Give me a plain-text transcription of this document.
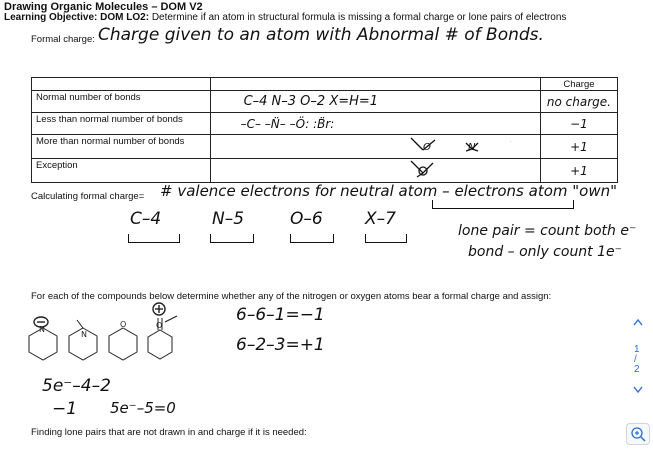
Drawing Organic Molecules – DOM V2
Learning Objective: DOM LO2: Determine if an atom in structural formula is missing a formal charge or lone pairs of electrons
Formal charge: Charge given to an atom with Abnormal # of Bonds.
		Charge
Normal number of bonds	C–4 N–3 O–2 X=H=1	no charge.
Less than normal number of bonds	–C– –N̈– –Ö: :B̈r:	−1
More than normal number of bonds	O N	+1
Exception		+1
Calculating formal charge= # valence electrons for neutral atom – electrons atom "own"
C–4	N–5	O–6 X–7
lone pair = count both e⁻
bond – only count 1e⁻
For each of the compounds below determine whether any of the nitrogen or oxygen atoms bear a formal charge and assign:
N
N
O	O
6–6–1=−1
6–2–3=+1
5e⁻–4–2
−1 5e⁻–5=0
Finding lone pairs that are not drawn in and charge if it is needed:
1
/
2
